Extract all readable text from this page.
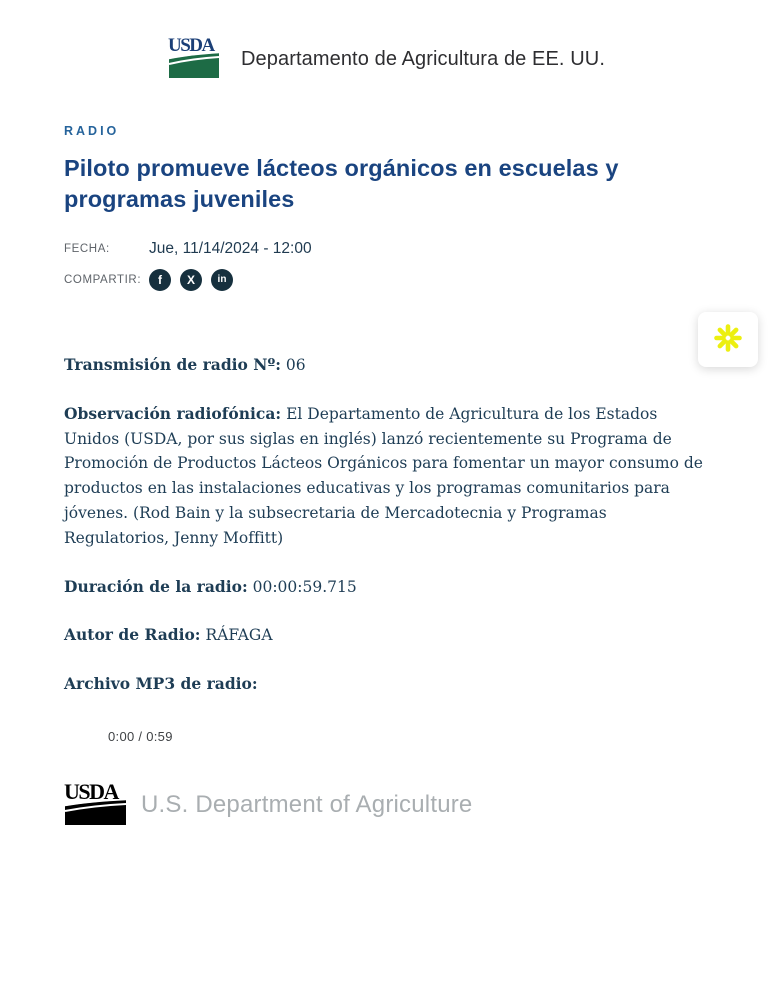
USDA
Departamento de Agricultura de EE. UU.
RADIO
Piloto promueve lácteos orgánicos en escuelas y programas juveniles
FECHA:	Jue, 11/14/2024 - 12:00
COMPARTIR:	f X in

Transmisión de radio Nº: 06

Observación radiofónica: El Departamento de Agricultura de los Estados Unidos (USDA, por sus siglas en inglés) lanzó recientemente su Programa de Promoción de Productos Lácteos Orgánicos para fomentar un mayor consumo de productos en las instalaciones educativas y los programas comunitarios para jóvenes. (Rod Bain y la subsecretaria de Mercadotecnia y Programas Regulatorios, Jenny Moffitt)

Duración de la radio: 00:00:59.715

Autor de Radio: RÁFAGA

Archivo MP3 de radio:

0:00 / 0:59
USDA U.S. Department of Agriculture
